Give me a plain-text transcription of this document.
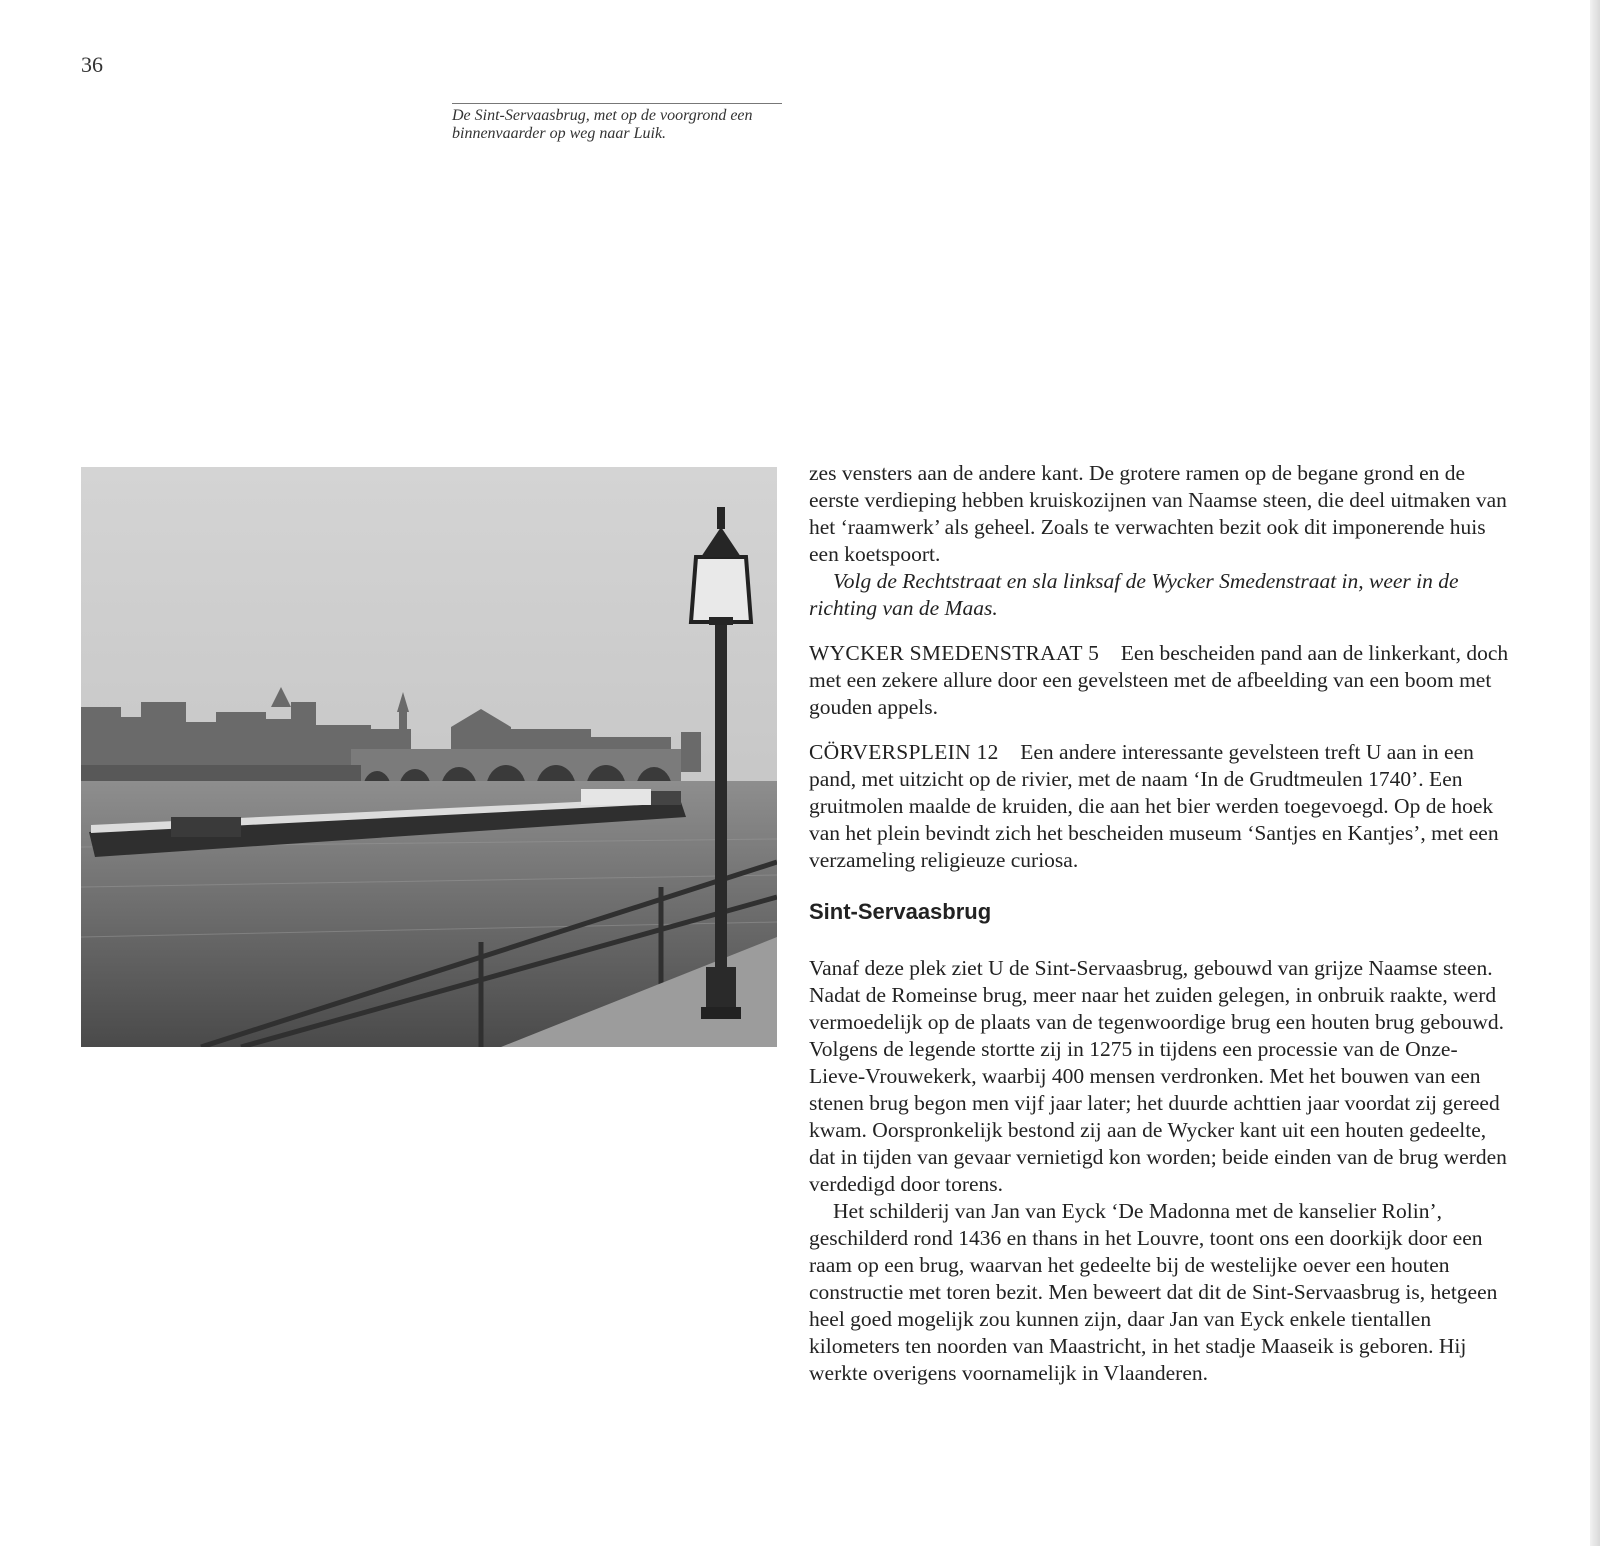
36
De Sint-Servaasbrug, met op de voorgrond een binnenvaarder op weg naar Luik.

zes vensters aan de andere kant. De grotere ramen op de begane grond en de eerste verdieping hebben kruiskozijnen van Naamse steen, die deel uitmaken van het ‘raamwerk’ als geheel. Zoals te verwachten bezit ook dit imponerende huis een koetspoort.

Volg de Rechtstraat en sla linksaf de Wycker Smedenstraat in, weer in de richting van de Maas.

WYCKER SMEDENSTRAAT 5 Een bescheiden pand aan de linkerkant, doch met een zekere allure door een gevelsteen met de afbeelding van een boom met gouden appels.

CÖRVERSPLEIN 12 Een andere interessante gevelsteen treft U aan in een pand, met uitzicht op de rivier, met de naam ‘In de Grudtmeulen 1740’. Een gruitmolen maalde de kruiden, die aan het bier werden toegevoegd. Op de hoek van het plein bevindt zich het bescheiden museum ‘Santjes en Kantjes’, met een verzameling religieuze curiosa.

Sint-Servaasbrug

Vanaf deze plek ziet U de Sint-Servaasbrug, gebouwd van grijze Naamse steen. Nadat de Romeinse brug, meer naar het zuiden gelegen, in onbruik raakte, werd vermoedelijk op de plaats van de tegenwoordige brug een houten brug gebouwd. Volgens de legende stortte zij in 1275 in tijdens een processie van de Onze-Lieve-Vrouwekerk, waarbij 400 mensen verdronken. Met het bouwen van een stenen brug begon men vijf jaar later; het duurde achttien jaar voordat zij gereed kwam. Oorspronkelijk bestond zij aan de Wycker kant uit een houten gedeelte, dat in tijden van gevaar vernietigd kon worden; beide einden van de brug werden verdedigd door torens.

Het schilderij van Jan van Eyck ‘De Madonna met de kanselier Rolin’, geschilderd rond 1436 en thans in het Louvre, toont ons een doorkijk door een raam op een brug, waarvan het gedeelte bij de westelijke oever een houten constructie met toren bezit. Men beweert dat dit de Sint-Servaasbrug is, hetgeen heel goed mogelijk zou kunnen zijn, daar Jan van Eyck enkele tientallen kilometers ten noorden van Maastricht, in het stadje Maaseik is geboren. Hij werkte overigens voornamelijk in Vlaanderen.
